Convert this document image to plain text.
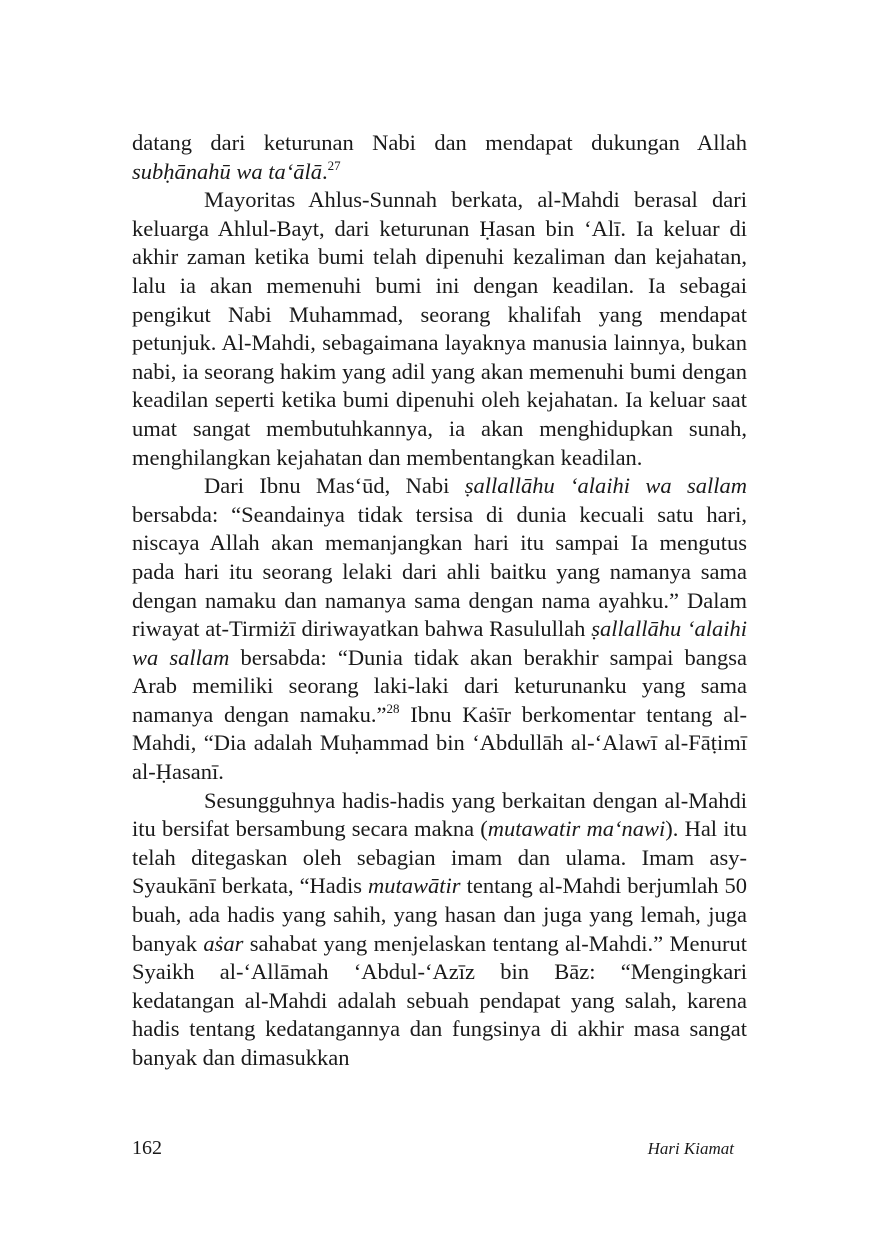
datang dari keturunan Nabi dan mendapat dukungan Allah subḥānahū wa ta‘ālā.$^{27}$

Mayoritas Ahlus-Sunnah berkata, al-Mahdi berasal dari keluarga Ahlul-Bayt, dari keturunan Ḥasan bin ‘Alī. Ia keluar di akhir zaman ketika bumi telah dipenuhi kezaliman dan kejahatan, lalu ia akan memenuhi bumi ini dengan keadilan. Ia sebagai pengikut Nabi Muhammad, seorang khalifah yang mendapat petunjuk. Al-Mahdi, sebagaimana layaknya manusia lainnya, bukan nabi, ia seorang hakim yang adil yang akan memenuhi bumi dengan keadilan seperti ketika bumi dipenuhi oleh kejahatan. Ia keluar saat umat sangat membutuhkannya, ia akan menghidupkan sunah, menghilangkan kejahatan dan membentangkan keadilan.

Dari Ibnu Mas‘ūd, Nabi ṣallallāhu ‘alaihi wa sallam bersabda: “Seandainya tidak tersisa di dunia kecuali satu hari, niscaya Allah akan memanjangkan hari itu sampai Ia mengutus pada hari itu seorang lelaki dari ahli baitku yang namanya sama dengan namaku dan namanya sama dengan nama ayahku.” Dalam riwayat at-Tirmiżī diriwayatkan bahwa Rasulullah ṣallallāhu ‘alaihi wa sallam bersabda: “Dunia tidak akan berakhir sampai bangsa Arab memiliki seorang laki-laki dari keturunanku yang sama namanya dengan namaku.”$^{28}$ Ibnu Kaṡīr berkomentar tentang al-Mahdi, “Dia adalah Muḥammad bin ‘Abdullāh al-‘Alawī al-Fāṭimī al-Ḥasanī.

Sesungguhnya hadis-hadis yang berkaitan dengan al-Mahdi itu bersifat bersambung secara makna (mutawatir ma‘nawi). Hal itu telah ditegaskan oleh sebagian imam dan ulama. Imam asy-Syaukānī berkata, “Hadis mutawātir tentang al-Mahdi berjumlah 50 buah, ada hadis yang sahih, yang hasan dan juga yang lemah, juga banyak aṡar sahabat yang menjelaskan tentang al-Mahdi.” Menurut Syaikh al-‘Allāmah ‘Abdul-‘Azīz bin Bāz: “Mengingkari kedatangan al-Mahdi adalah sebuah pendapat yang salah, karena hadis tentang kedatangannya dan fungsinya di akhir masa sangat banyak dan dimasukkan

162	Hari Kiamat
